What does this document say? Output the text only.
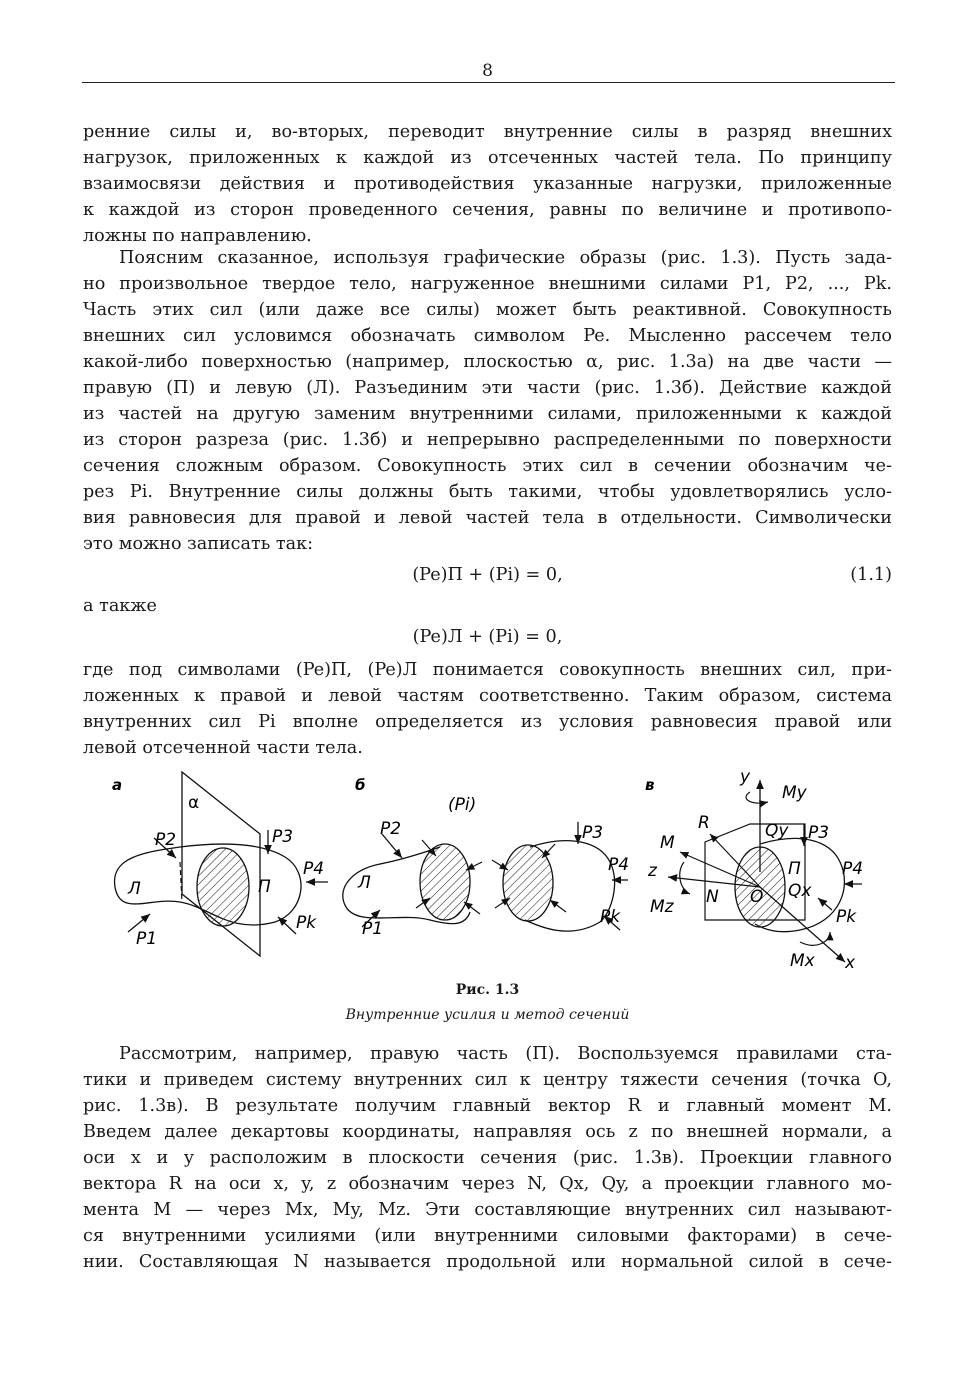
8
ренние силы и, во-вторых, переводит внутренние силы в разряд внешних
нагрузок, приложенных к каждой из отсеченных частей тела. По принципу
взаимосвязи действия и противодействия указанные нагрузки, приложенные
к каждой из сторон проведенного сечения, равны по величине и противопо-
ложны по направлению.
Поясним сказанное, используя графические образы (рис. 1.3). Пусть зада-
но произвольное твердое тело, нагруженное внешними силами P1, P2, ..., Pk.
Часть этих сил (или даже все силы) может быть реактивной. Совокупность
внешних сил условимся обозначать символом Pe. Мысленно рассечем тело
какой-либо поверхностью (например, плоскостью α, рис. 1.3а) на две части —
правую (П) и левую (Л). Разъединим эти части (рис. 1.3б). Действие каждой
из частей на другую заменим внутренними силами, приложенными к каждой
из сторон разреза (рис. 1.3б) и непрерывно распределенными по поверхности
сечения сложным образом. Совокупность этих сил в сечении обозначим че-
рез Pi. Внутренние силы должны быть такими, чтобы удовлетворялись усло-
вия равновесия для правой и левой частей тела в отдельности. Символически
это можно записать так:
(Pe)П + (Pi) = 0,	(1.1)
а также
(Pe)Л + (Pi) = 0,
где под символами (Pe)П, (Pe)Л понимается совокупность внешних сил, при-
ложенных к правой и левой частям соответственно. Таким образом, система
внутренних сил Pi вполне определяется из условия равновесия правой или
левой отсеченной части тела.
а
α
Л	П
P2	P3
P4
Pk
P1
б
(Pi)
Л
P2
P1
P3
P4
Pk
в	y
My
R
M
П
Qy
Qx
N O
z
Mz
x
Mx
P3
P4
Pk
Рис. 1.3
Внутренние усилия и метод сечений
Рассмотрим, например, правую часть (П). Воспользуемся правилами ста-
тики и приведем систему внутренних сил к центру тяжести сечения (точка O,
рис. 1.3в). В результате получим главный вектор R и главный момент M.
Введем далее декартовы координаты, направляя ось z по внешней нормали, а
оси x и y расположим в плоскости сечения (рис. 1.3в). Проекции главного
вектора R на оси x, y, z обозначим через N, Qx, Qy, а проекции главного мо-
мента M — через Mx, My, Mz. Эти составляющие внутренних сил называют-
ся внутренними усилиями (или внутренними силовыми факторами) в сече-
нии. Составляющая N называется продольной или нормальной силой в сече-
